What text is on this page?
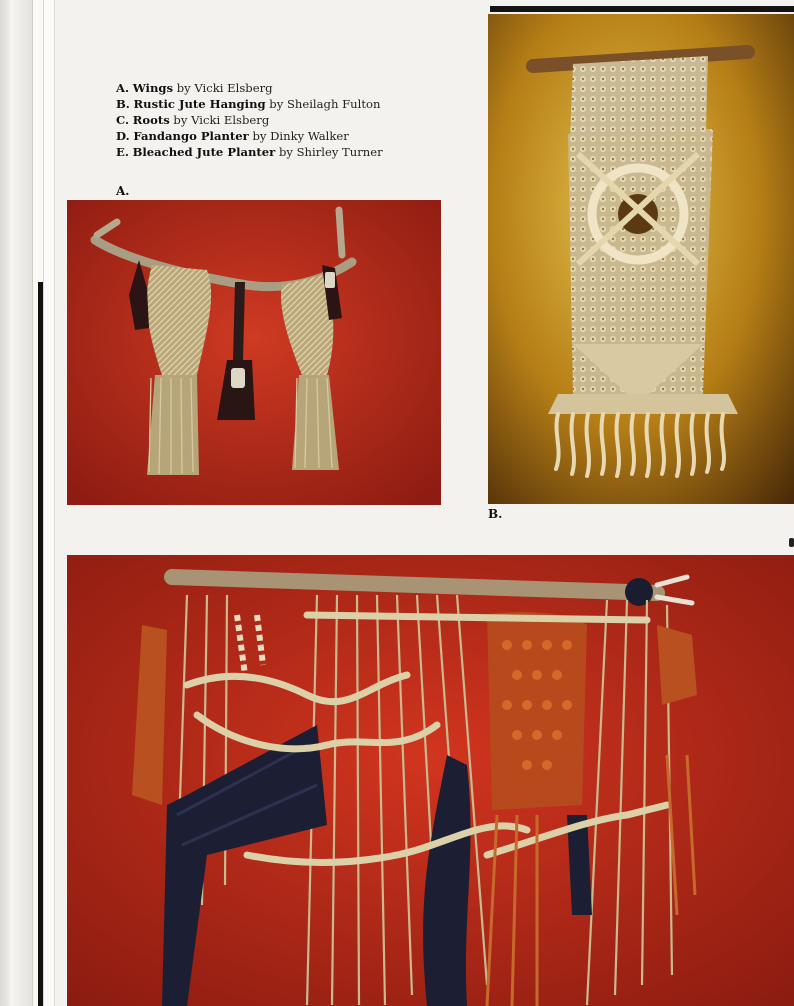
A. Wings by Vicki Elsberg
B. Rustic Jute Hanging by Sheilagh Fulton
C. Roots by Vicki Elsberg
D. Fandango Planter by Dinky Walker
E. Bleached Jute Planter by Shirley Turner
A.
B.
